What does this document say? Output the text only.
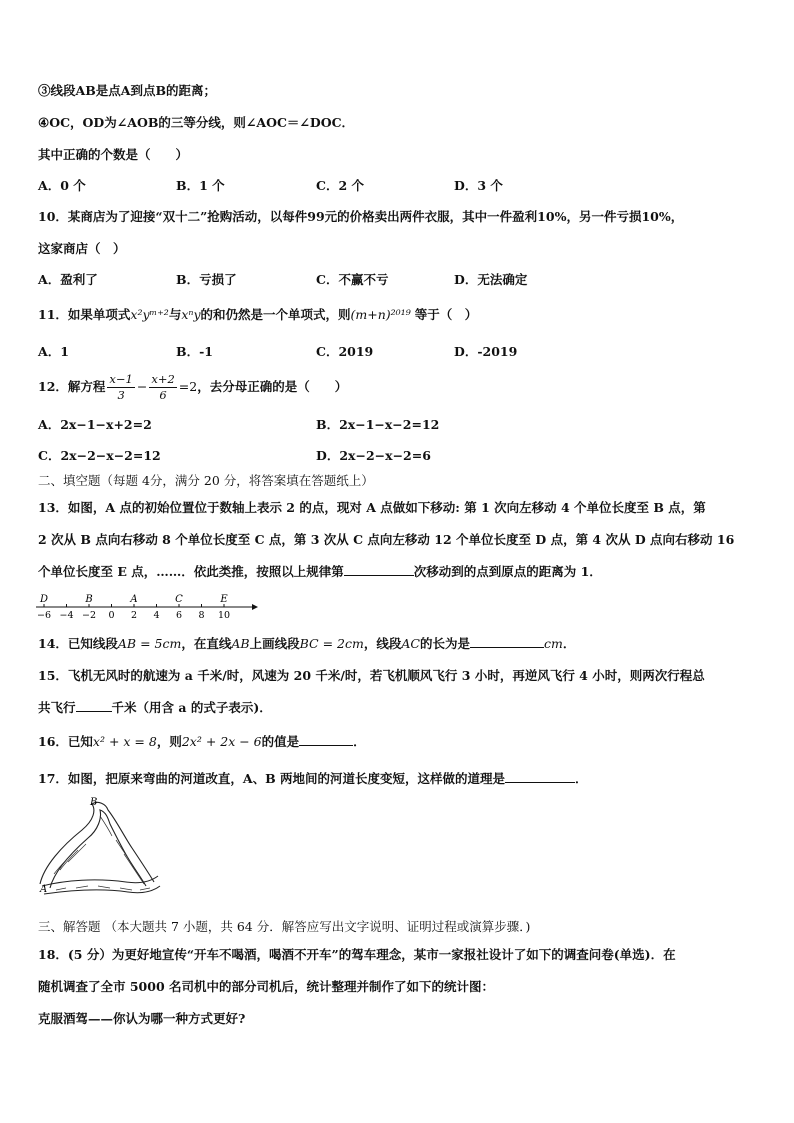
③线段AB是点A到点B的距离；
④OC，OD为∠AOB的三等分线，则∠AOC＝∠DOC．
其中正确的个数是（　　）
A．0 个	B．1 个	C．2 个	D．3 个
10．某商店为了迎接“双十二”抢购活动，以每件99元的价格卖出两件衣服，其中一件盈利10%，另一件亏损10%，
这家商店（　）
A．盈利了	B．亏损了	C．不赢不亏	D．无法确定
11．如果单项式x²yᵐ⁺²与xⁿy的和仍然是一个单项式，则(m+n)²⁰¹⁹ 等于（　）
A．1	B．-1	C．2019	D．-2019
12．解方程
x−1
3
− $\frac{x+2}{6} =2$ ，去分母正确的是（　　）
A．2x−1−x+2=2	B．2x−1−x−2=12
C．2x−2−x−2=12	D．2x−2−x−2=6
二、填空题（每题 4分，满分 20 分，将答案填在答题纸上）
13．如图，A 点的初始位置位于数轴上表示 2 的点，现对 A 点做如下移动: 第 1 次向左移动 4 个单位长度至 B 点，第
2 次从 B 点向右移动 8 个单位长度至 C 点，第 3 次从 C 点向左移动 12 个单位长度至 D 点，第 4 次从 D 点向右移动 16
个单位长度至 E 点，……．依此类推，按照以上规律第	次移动到的点到原点的距离为 1．
−6 −4 −2 0 2 4 6 8 10
D	B	A	C	E
14．已知线段AB = 5cm，在直线AB上画线段BC = 2cm，线段AC的长为是	cm．
15．飞机无风时的航速为 a 千米/时，风速为 20 千米/时，若飞机顺风飞行 3 小时，再逆风飞行 4 小时，则两次行程总
共飞行	千米（用含 a 的式子表示)．
16．已知x² + x = 8，则2x² + 2x − 6的值是	．
17．如图，把原来弯曲的河道改直，A、B 两地间的河道长度变短，这样做的道理是	．
B
A
三、解答题 （本大题共 7 小题，共 64 分．解答应写出文字说明、证明过程或演算步骤．)
18．(5 分）为更好地宣传“开车不喝酒，喝酒不开车”的驾车理念，某市一家报社设计了如下的调查问卷(单选)．在
随机调查了全市 5000 名司机中的部分司机后，统计整理并制作了如下的统计图：
克服酒驾——你认为哪一种方式更好?
